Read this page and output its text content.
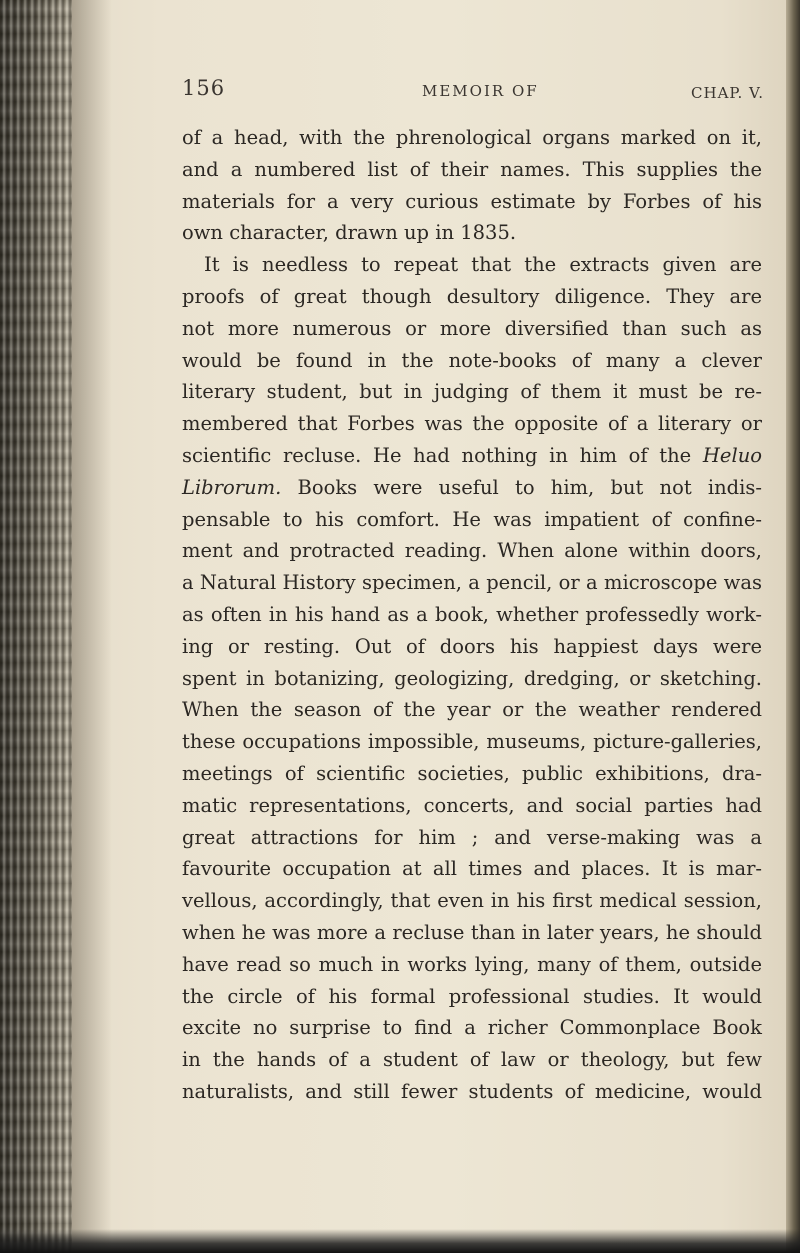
156	MEMOIR OF	CHAP. V.
of a head, with the phrenological organs marked on it,
and a numbered list of their names. This supplies the
materials for a very curious estimate by Forbes of his
own character, drawn up in 1835.
It is needless to repeat that the extracts given are
proofs of great though desultory diligence. They are
not more numerous or more diversified than such as
would be found in the note-books of many a clever
literary student, but in judging of them it must be re-
membered that Forbes was the opposite of a literary or
scientific recluse. He had nothing in him of the Heluo
Librorum. Books were useful to him, but not indis-
pensable to his comfort. He was impatient of confine-
ment and protracted reading. When alone within doors,
a Natural History specimen, a pencil, or a microscope was
as often in his hand as a book, whether professedly work-
ing or resting. Out of doors his happiest days were
spent in botanizing, geologizing, dredging, or sketching.
When the season of the year or the weather rendered
these occupations impossible, museums, picture-galleries,
meetings of scientific societies, public exhibitions, dra-
matic representations, concerts, and social parties had
great attractions for him ; and verse-making was a
favourite occupation at all times and places. It is mar-
vellous, accordingly, that even in his first medical session,
when he was more a recluse than in later years, he should
have read so much in works lying, many of them, outside
the circle of his formal professional studies. It would
excite no surprise to find a richer Commonplace Book
in the hands of a student of law or theology, but few
naturalists, and still fewer students of medicine, would
